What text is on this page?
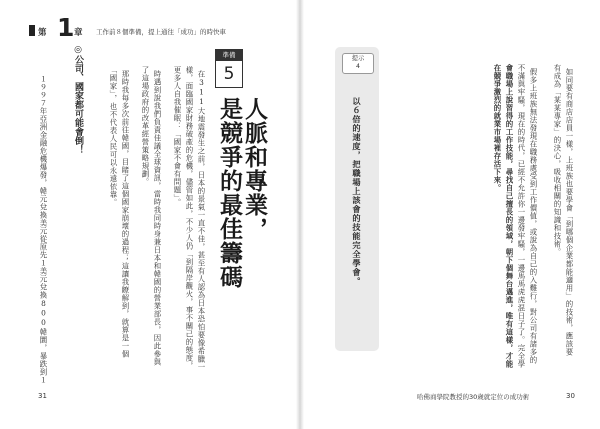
第 1 章 工作前８個準備，提上通往「成功」的時快車
準備
5
人脈和專業，
是競爭的最佳籌碼
在311大地震發生之前，日本的景氣一直不佳，甚至有人認為日本恐怕要像希臘一
樣，面臨國家財務破產的危機，儘管如此，不少人仍「到隔岸觀火，事不關己的態度，
更多人自我催眠：「國家不會有問題」。
時遇到說我們負責佳議全球資訊，當時我同時身兼日本和韓國的營業部長，因此參與
了這場政府的改革經營策略規劃。
那時我每多次前往韓國，目睹了這個國家崩壞的過程；這讓我瞭解到，就算是一個
「國家」，也不代表人民可以永遠依靠。
◎公司、國家都可能會倒！
１９９７年亞洲金融危機爆發，韓元兌換美元從原先１美元兌換800韓圜，暴跌到１
31
提示
4
以６倍的速度，把職場上該會的技能完全學會。	如同要有商店店員一樣，上班族也要學會「到哪個企業都能適用」的技術，應該要
有成為「某某專家」的決心，吸收相關的知識和技術。
假多上班族無法發現在職務處受到工作價值，或說為自己的入難行，對公司有諸多的
不滿與牢騷，現在的時代，已經不允許你一邊發牢騷，一邊馬馬虎虎混日子了。完全學
會職場上說習得的工作技能，尋找自己擅長的領域，朝下個舞台邁進，唯有這樣，才能
在競爭激烈的就業市場裡存活下來。
哈佛商學院教授的30歲就定位の成功術	30
